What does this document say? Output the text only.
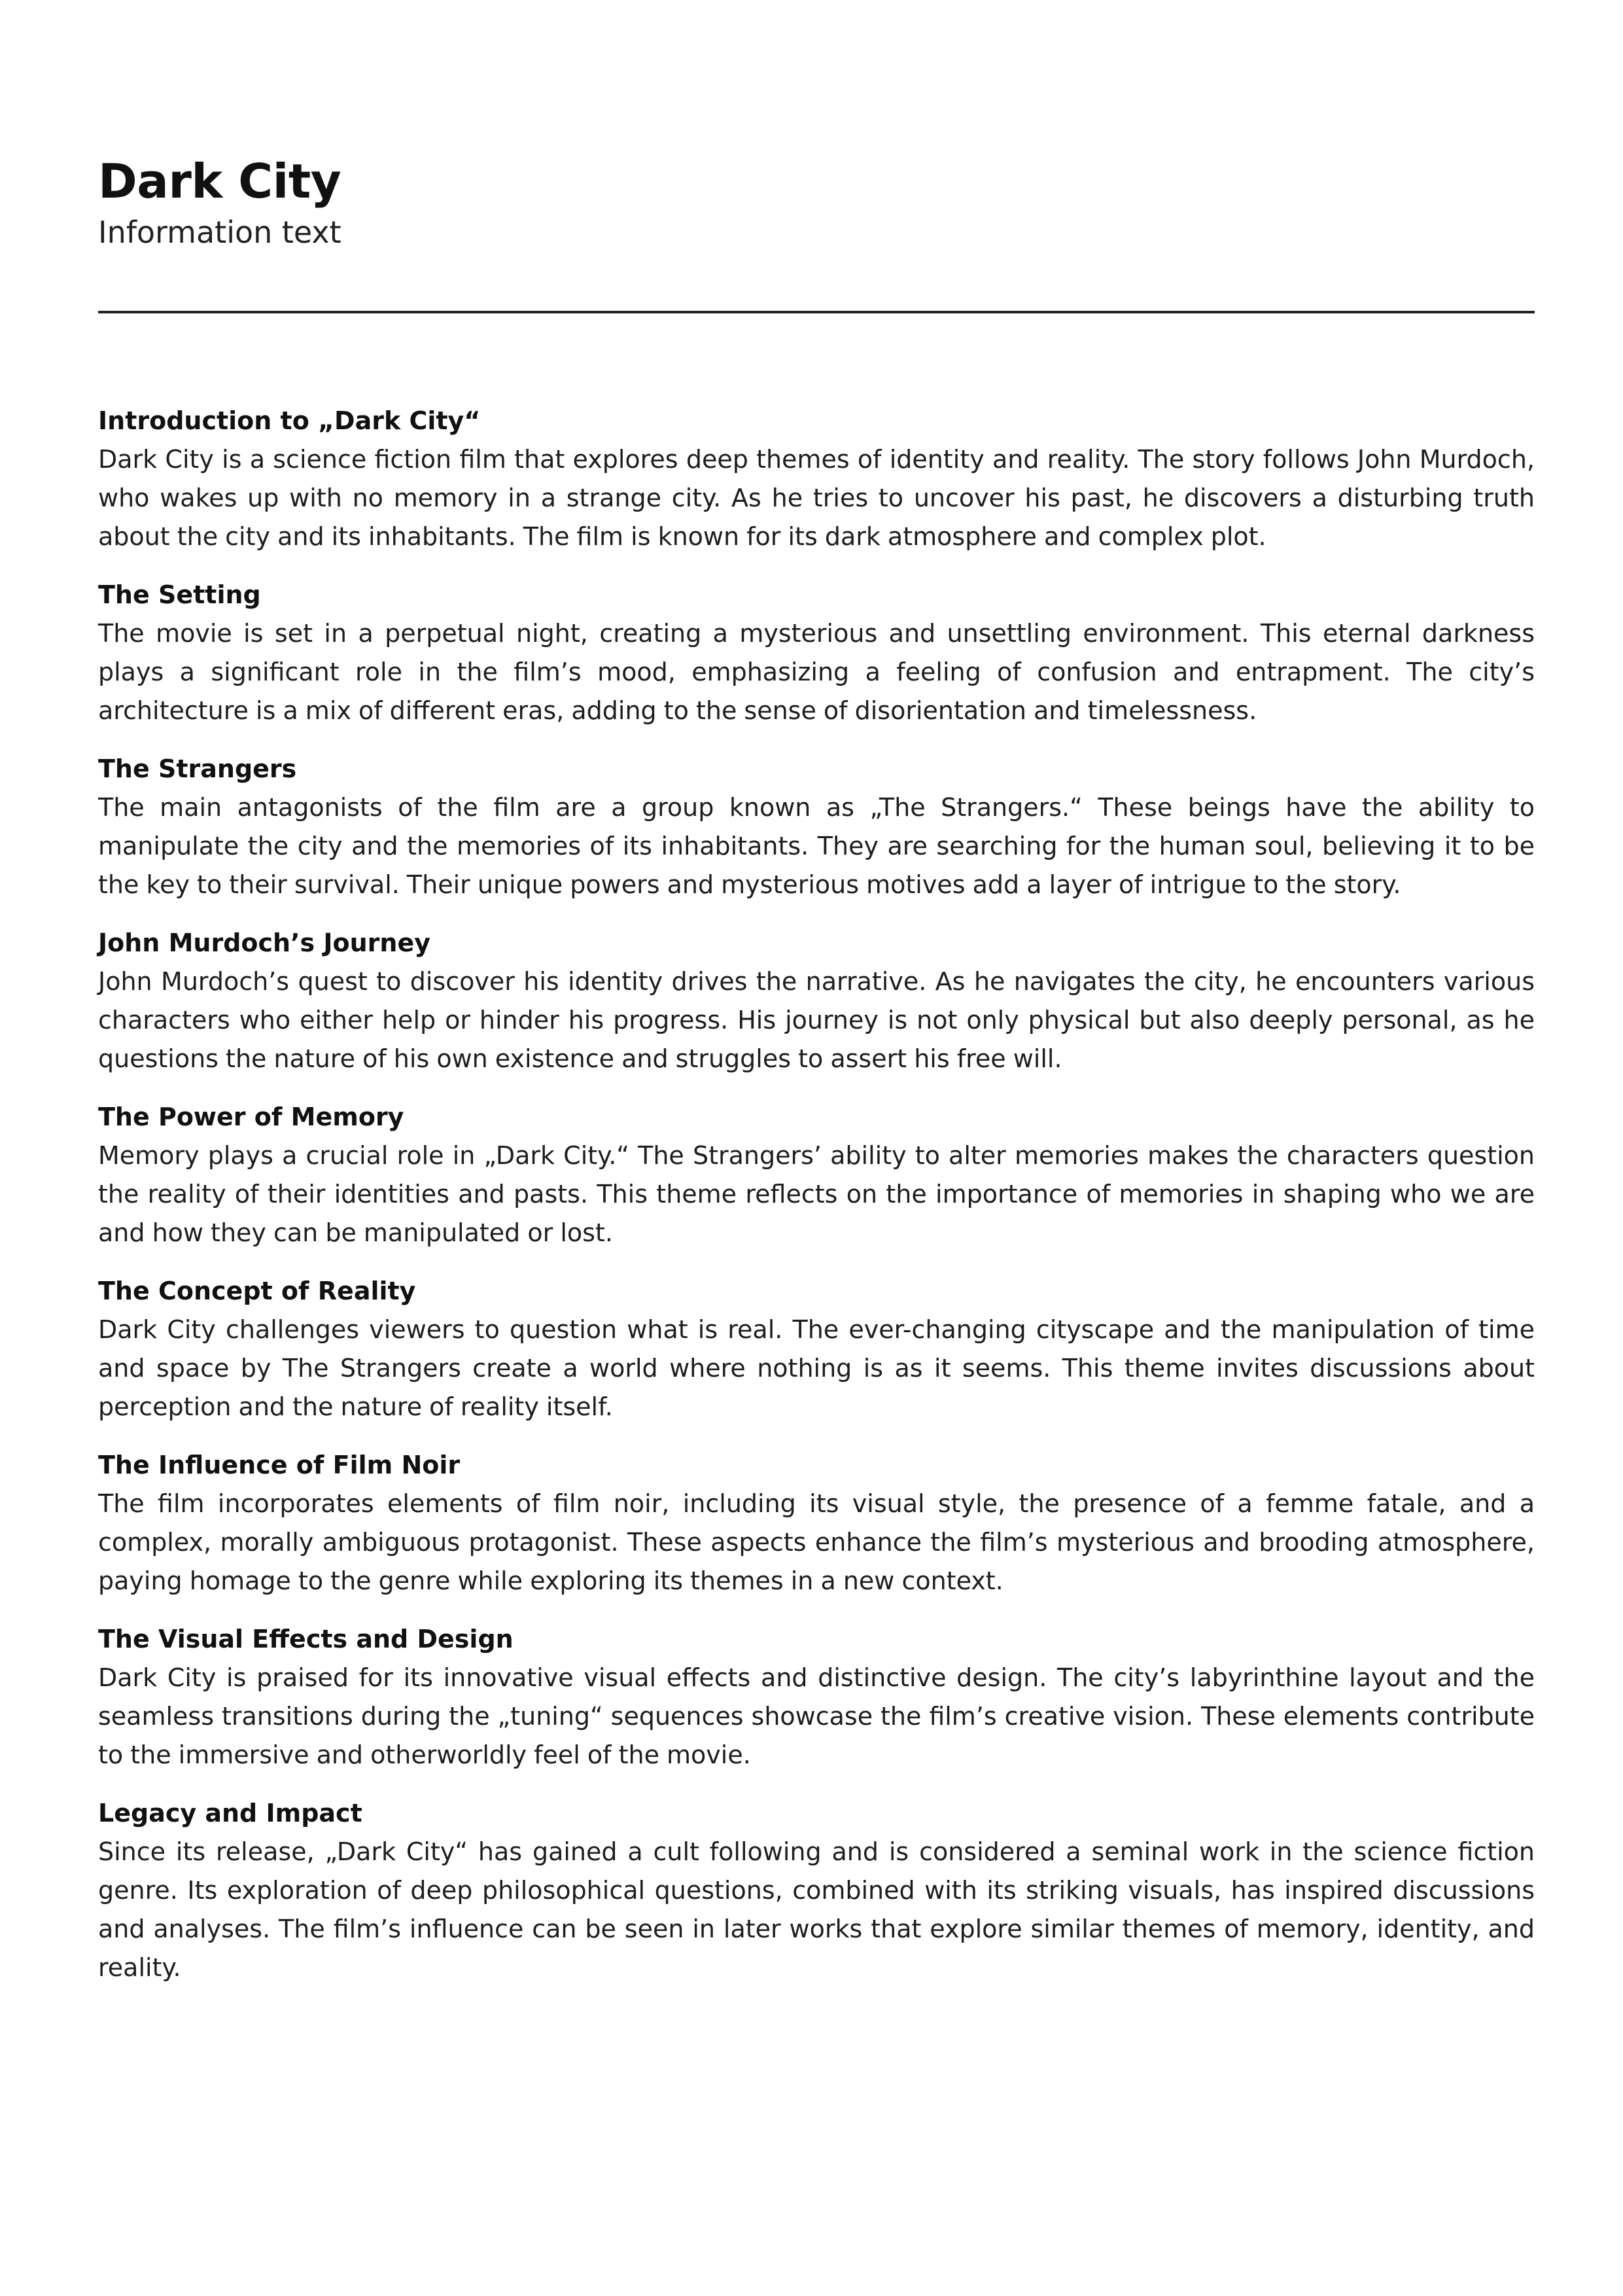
Dark City

Information text

Introduction to „Dark City“

Dark City is a science fiction film that explores deep themes of identity and reality. The story follows John Murdoch, who wakes up with no memory in a strange city. As he tries to uncover his past, he discovers a disturbing truth about the city and its inhabitants. The film is known for its dark atmosphere and complex plot.

The Setting

The movie is set in a perpetual night, creating a mysterious and unsettling environment. This eternal darkness plays a significant role in the film’s mood, emphasizing a feeling of confusion and entrapment. The city’s architecture is a mix of different eras, adding to the sense of disorientation and timelessness.

The Strangers

The main antagonists of the film are a group known as „The Strangers.“ These beings have the ability to manipulate the city and the memories of its inhabitants. They are searching for the human soul, believing it to be the key to their survival. Their unique powers and mysterious motives add a layer of intrigue to the story.

John Murdoch’s Journey

John Murdoch’s quest to discover his identity drives the narrative. As he navigates the city, he encounters various characters who either help or hinder his progress. His journey is not only physical but also deeply personal, as he questions the nature of his own existence and struggles to assert his free will.

The Power of Memory

Memory plays a crucial role in „Dark City.“ The Strangers’ ability to alter memories makes the characters question the reality of their identities and pasts. This theme reflects on the importance of memories in shaping who we are and how they can be manipulated or lost.

The Concept of Reality

Dark City challenges viewers to question what is real. The ever-changing cityscape and the manipulation of time and space by The Strangers create a world where nothing is as it seems. This theme invites discussions about perception and the nature of reality itself.

The Influence of Film Noir

The film incorporates elements of film noir, including its visual style, the presence of a femme fatale, and a complex, morally ambiguous protagonist. These aspects enhance the film’s mysterious and brooding atmosphere, paying homage to the genre while exploring its themes in a new context.

The Visual Effects and Design

Dark City is praised for its innovative visual effects and distinctive design. The city’s labyrinthine layout and the seamless transitions during the „tuning“ sequences showcase the film’s creative vision. These elements contribute to the immersive and otherworldly feel of the movie.

Legacy and Impact

Since its release, „Dark City“ has gained a cult following and is considered a seminal work in the science fiction genre. Its exploration of deep philosophical questions, combined with its striking visuals, has inspired discussions and analyses. The film’s influence can be seen in later works that explore similar themes of memory, identity, and reality.
